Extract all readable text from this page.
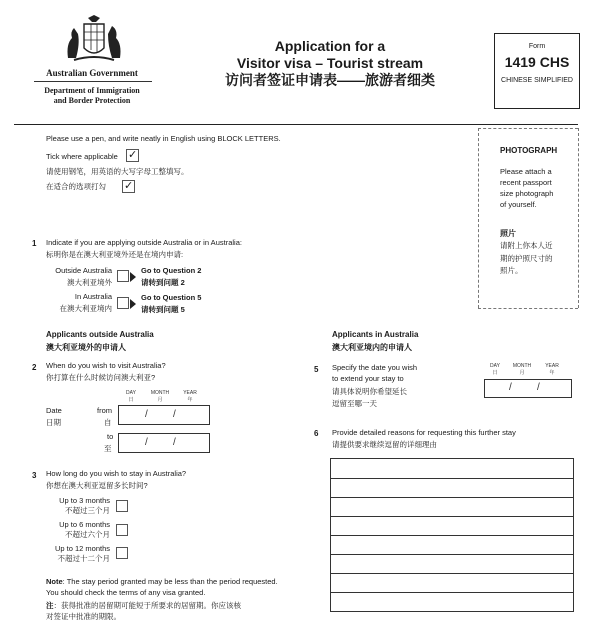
Australian Government
Department of Immigration
and Border Protection
Application for a
Visitor visa – Tourist stream
访问者签证申请表——旅游者细类
Form
1419 CHS
CHINESE SIMPLIFIED
Please use a pen, and write neatly in English using BLOCK LETTERS.
Tick where applicable ✓
请使用钢笔，用英语的大写字母工整填写。
在适合的选项打勾 ✓
PHOTOGRAPH
Please attach a
recent passport
size photograph
of yourself.
照片
请附上你本人近
期的护照尺寸的
照片。
1 Indicate if you are applying outside Australia or in Australia:
标明你是在澳大利亚境外还是在境内申请:
Outside Australia
澳大利亚境外
Go to Question 2
请转到问题 2
In Australia
在澳大利亚境内
Go to Question 5
请转到问题 5
Applicants outside Australia
澳大利亚境外的申请人
2 When do you wish to visit Australia?
你打算在什么时候访问澳大利亚?
DAY
日
MONTH
月
YEAR
年
Date
日期
from
自
/	/
to
至
/	/
3 How long do you wish to stay in Australia?
你想在澳大利亚逗留多长时间?
Up to 3 months
不超过三个月
Up to 6 months
不超过六个月
Up to 12 months
不超过十二个月
Note: The stay period granted may be less than the period requested.
You should check the terms of any visa granted.
注：获得批准的居留期可能短于所要求的居留期。你应该核
对签证中批准的期限。
Applicants in Australia
澳大利亚境内的申请人
5 Specify the date you wish
to extend your stay to
请具体说明你希望延长
逗留至哪一天
DAY
日
MONTH
月
YEAR
年
/	/
6 Provide detailed reasons for requesting this further stay
请提供要求继续逗留的详细理由
